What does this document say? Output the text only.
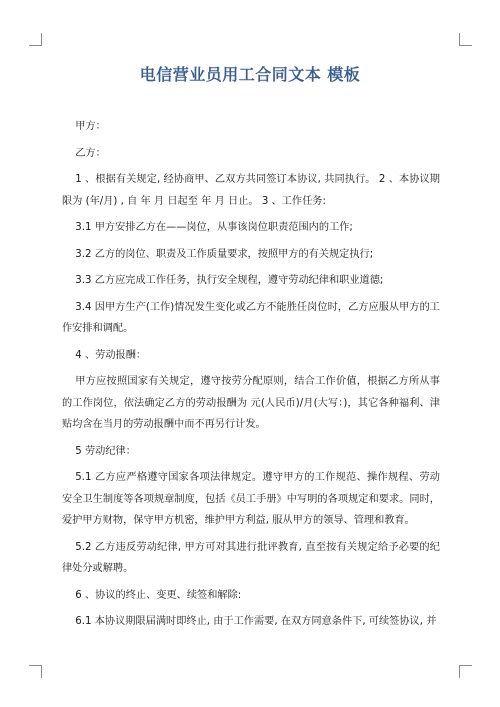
电信营业员用工合同文本 模板

甲方：

乙方：

1 、根据有关规定, 经协商甲、乙双方共同签订本协议, 共同执行。 2 、本协议期限为 (年/月) , 自 年 月 日起至 年 月 日止。 3 、工作任务:

3.1 甲方安排乙方在——岗位，从事该岗位职责范围内的工作;

3.2 乙方的岗位、职责及工作质量要求，按照甲方的有关规定执行;

3.3 乙方应完成工作任务，执行安全规程，遵守劳动纪律和职业道德;

3.4 因甲方生产(工作)情况发生变化或乙方不能胜任岗位时，乙方应服从甲方的工作安排和调配。

4 、劳动报酬：

甲方应按照国家有关规定，遵守按劳分配原则，结合工作价值，根据乙方所从事的工作岗位，依法确定乙方的劳动报酬为 元(人民币)/月(大写：)，其它各种福利、津贴均含在当月的劳动报酬中而不再另行计发。

5 劳动纪律：

5.1 乙方应严格遵守国家各项法律规定。遵守甲方的工作规范、操作规程、劳动安全卫生制度等各项规章制度，包括《员工手册》中写明的各项规定和要求。同时，爱护甲方财物，保守甲方机密，维护甲方利益, 服从甲方的领导、管理和教育。

5.2 乙方违反劳动纪律, 甲方可对其进行批评教育, 直至按有关规定给予必要的纪律处分或解聘。

6 、协议的终止、变更、续签和解除:

6.1 本协议期限届满时即终止, 由于工作需要, 在双方同意条件下, 可续签协议, 并
